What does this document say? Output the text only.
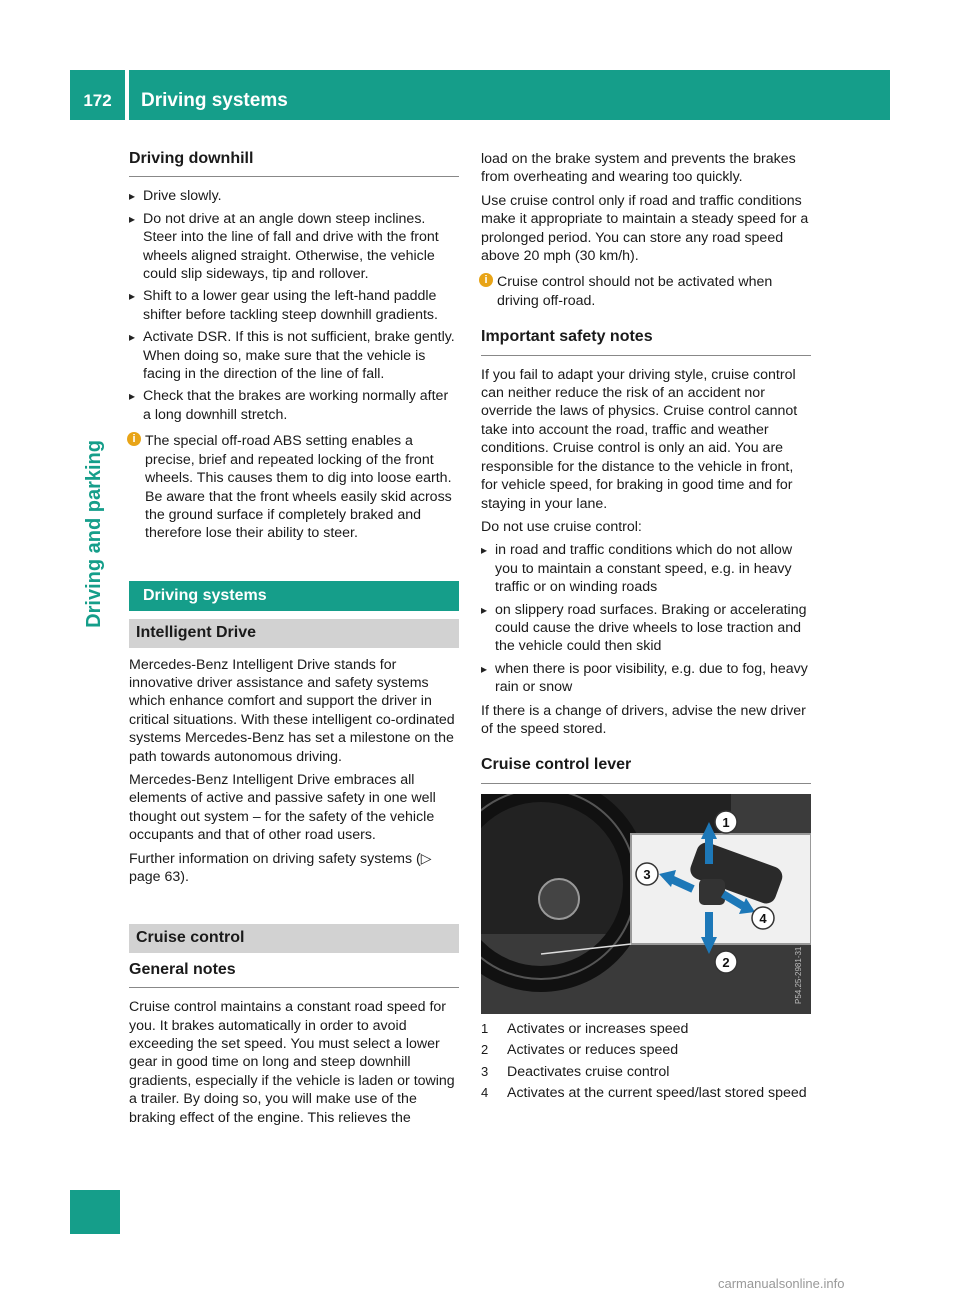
172	Driving systems
Driving and parking
Driving downhill
▸ Drive slowly.
▸ Do not drive at an angle down steep inclines. Steer into the line of fall and drive with the front wheels aligned straight. Otherwise, the vehicle could slip sideways, tip and rollover.
▸ Shift to a lower gear using the left-hand paddle shifter before tackling steep downhill gradients.
▸ Activate DSR. If this is not sufficient, brake gently. When doing so, make sure that the vehicle is facing in the direction of the line of fall.
▸ Check that the brakes are working normally after a long downhill stretch.
i The special off-road ABS setting enables a precise, brief and repeated locking of the front wheels. This causes them to dig into loose earth. Be aware that the front wheels easily skid across the ground surface if completely braked and therefore lose their ability to steer.
Driving systems
Intelligent Drive

Mercedes-Benz Intelligent Drive stands for innovative driver assistance and safety systems which enhance comfort and support the driver in critical situations. With these intelligent co-ordinated systems Mercedes-Benz has set a milestone on the path towards autonomous driving.

Mercedes-Benz Intelligent Drive embraces all elements of active and passive safety in one well thought out system – for the safety of the vehicle occupants and that of other road users.

Further information on driving safety systems (▷ page 63).

Cruise control
General notes

Cruise control maintains a constant road speed for you. It brakes automatically in order to avoid exceeding the set speed. You must select a lower gear in good time on long and steep downhill gradients, especially if the vehicle is laden or towing a trailer. By doing so, you will make use of the braking effect of the engine. This relieves the

load on the brake system and prevents the brakes from overheating and wearing too quickly.

Use cruise control only if road and traffic conditions make it appropriate to maintain a steady speed for a prolonged period. You can store any road speed above 20 mph (30 km/h).

i Cruise control should not be activated when driving off-road.
Important safety notes

If you fail to adapt your driving style, cruise control can neither reduce the risk of an accident nor override the laws of physics. Cruise control cannot take into account the road, traffic and weather conditions. Cruise control is only an aid. You are responsible for the distance to the vehicle in front, for vehicle speed, for braking in good time and for staying in your lane.

Do not use cruise control:

▸ in road and traffic conditions which do not allow you to maintain a constant speed, e.g. in heavy traffic or on winding roads
▸ on slippery road surfaces. Braking or accelerating could cause the drive wheels to lose traction and the vehicle could then skid
▸ when there is poor visibility, e.g. due to fog, heavy rain or snow

If there is a change of drivers, advise the new driver of the speed stored.

Cruise control lever
1
2
3
4
P54.25-2981-31
1	Activates or increases speed
2	Activates or reduces speed
3	Deactivates cruise control
4	Activates at the current speed/last stored speed
carmanualsonline.info
